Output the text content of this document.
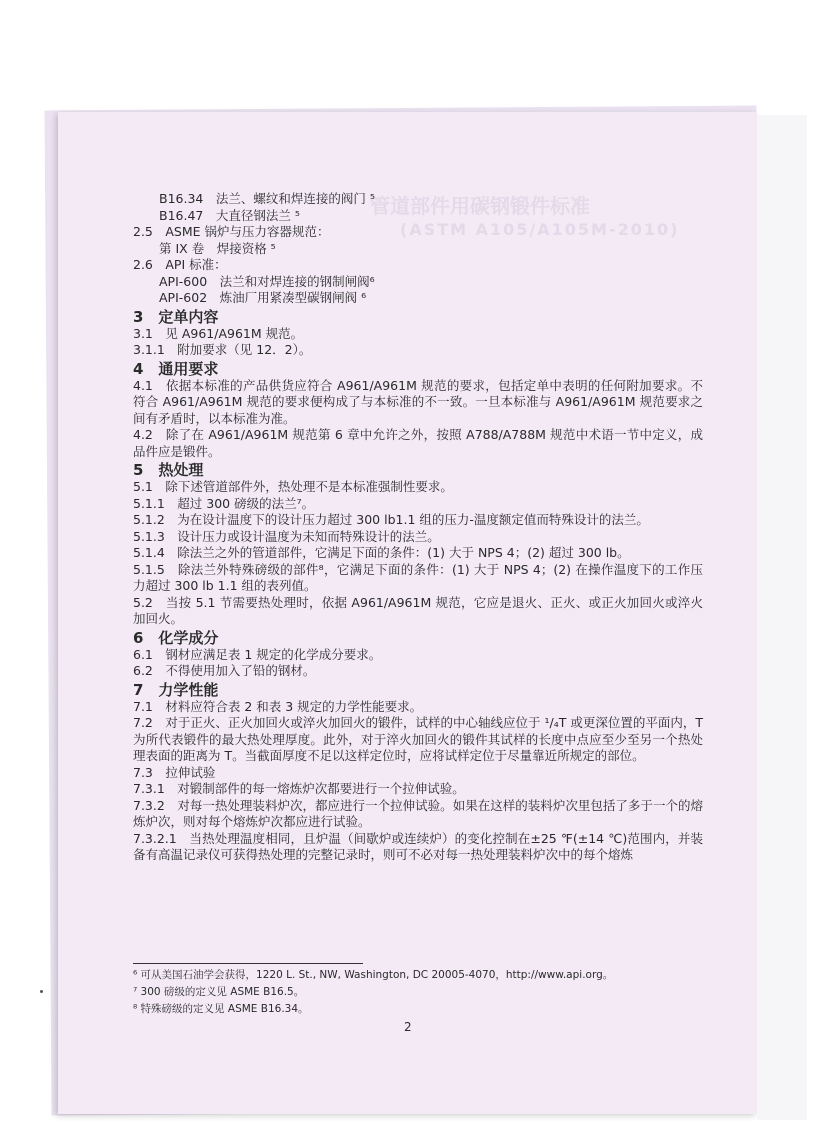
管道部件用碳钢锻件标准
(ASTM A105/A105M-2010)
B16.34　法兰、螺纹和焊连接的阀门 ⁵
B16.47　大直径钢法兰 ⁵
2.5　ASME 锅炉与压力容器规范：
第 IX 卷　焊接资格 ⁵
2.6　API 标准：
API-600　法兰和对焊连接的钢制闸阀⁶
API-602　炼油厂用紧凑型碳钢闸阀 ⁶
3　定单内容
3.1　见 A961/A961M 规范。
3.1.1　附加要求（见 12．2）。
4　通用要求
4.1　依据本标准的产品供货应符合 A961/A961M 规范的要求，包括定单中表明的任何附加要求。不符合 A961/A961M 规范的要求便构成了与本标准的不一致。一旦本标准与 A961/A961M 规范要求之间有矛盾时，以本标准为准。
4.2　除了在 A961/A961M 规范第 6 章中允许之外，按照 A788/A788M 规范中术语一节中定义，成品件应是锻件。
5　热处理
5.1　除下述管道部件外，热处理不是本标准强制性要求。
5.1.1　超过 300 磅级的法兰⁷。
5.1.2　为在设计温度下的设计压力超过 300 lb1.1 组的压力-温度额定值而特殊设计的法兰。
5.1.3　设计压力或设计温度为未知而特殊设计的法兰。
5.1.4　除法兰之外的管道部件，它满足下面的条件：(1) 大于 NPS 4；(2) 超过 300 lb。
5.1.5　除法兰外特殊磅级的部件⁸，它满足下面的条件：(1) 大于 NPS 4；(2) 在操作温度下的工作压力超过 300 lb 1.1 组的表列值。
5.2　当按 5.1 节需要热处理时，依据 A961/A961M 规范，它应是退火、正火、或正火加回火或淬火加回火。
6　化学成分
6.1　钢材应满足表 1 规定的化学成分要求。
6.2　不得使用加入了铅的钢材。
7　力学性能
7.1　材料应符合表 2 和表 3 规定的力学性能要求。
7.2　对于正火、正火加回火或淬火加回火的锻件，试样的中心轴线应位于 ¹/₄T 或更深位置的平面内，T 为所代表锻件的最大热处理厚度。此外，对于淬火加回火的锻件其试样的长度中点应至少至另一个热处理表面的距离为 T。当截面厚度不足以这样定位时，应将试样定位于尽量靠近所规定的部位。
7.3　拉伸试验
7.3.1　对锻制部件的每一熔炼炉次都要进行一个拉伸试验。
7.3.2　对每一热处理装料炉次，都应进行一个拉伸试验。如果在这样的装料炉次里包括了多于一个的熔炼炉次，则对每个熔炼炉次都应进行试验。
7.3.2.1　当热处理温度相同，且炉温（间歇炉或连续炉）的变化控制在±25 ℉(±14 ℃)范围内，并装备有高温记录仪可获得热处理的完整记录时，则可不必对每一热处理装料炉次中的每个熔炼
⁶ 可从美国石油学会获得，1220 L. St., NW, Washington, DC 20005-4070，http://www.api.org。
⁷ 300 磅级的定义见 ASME B16.5。
⁸ 特殊磅级的定义见 ASME B16.34。
2
